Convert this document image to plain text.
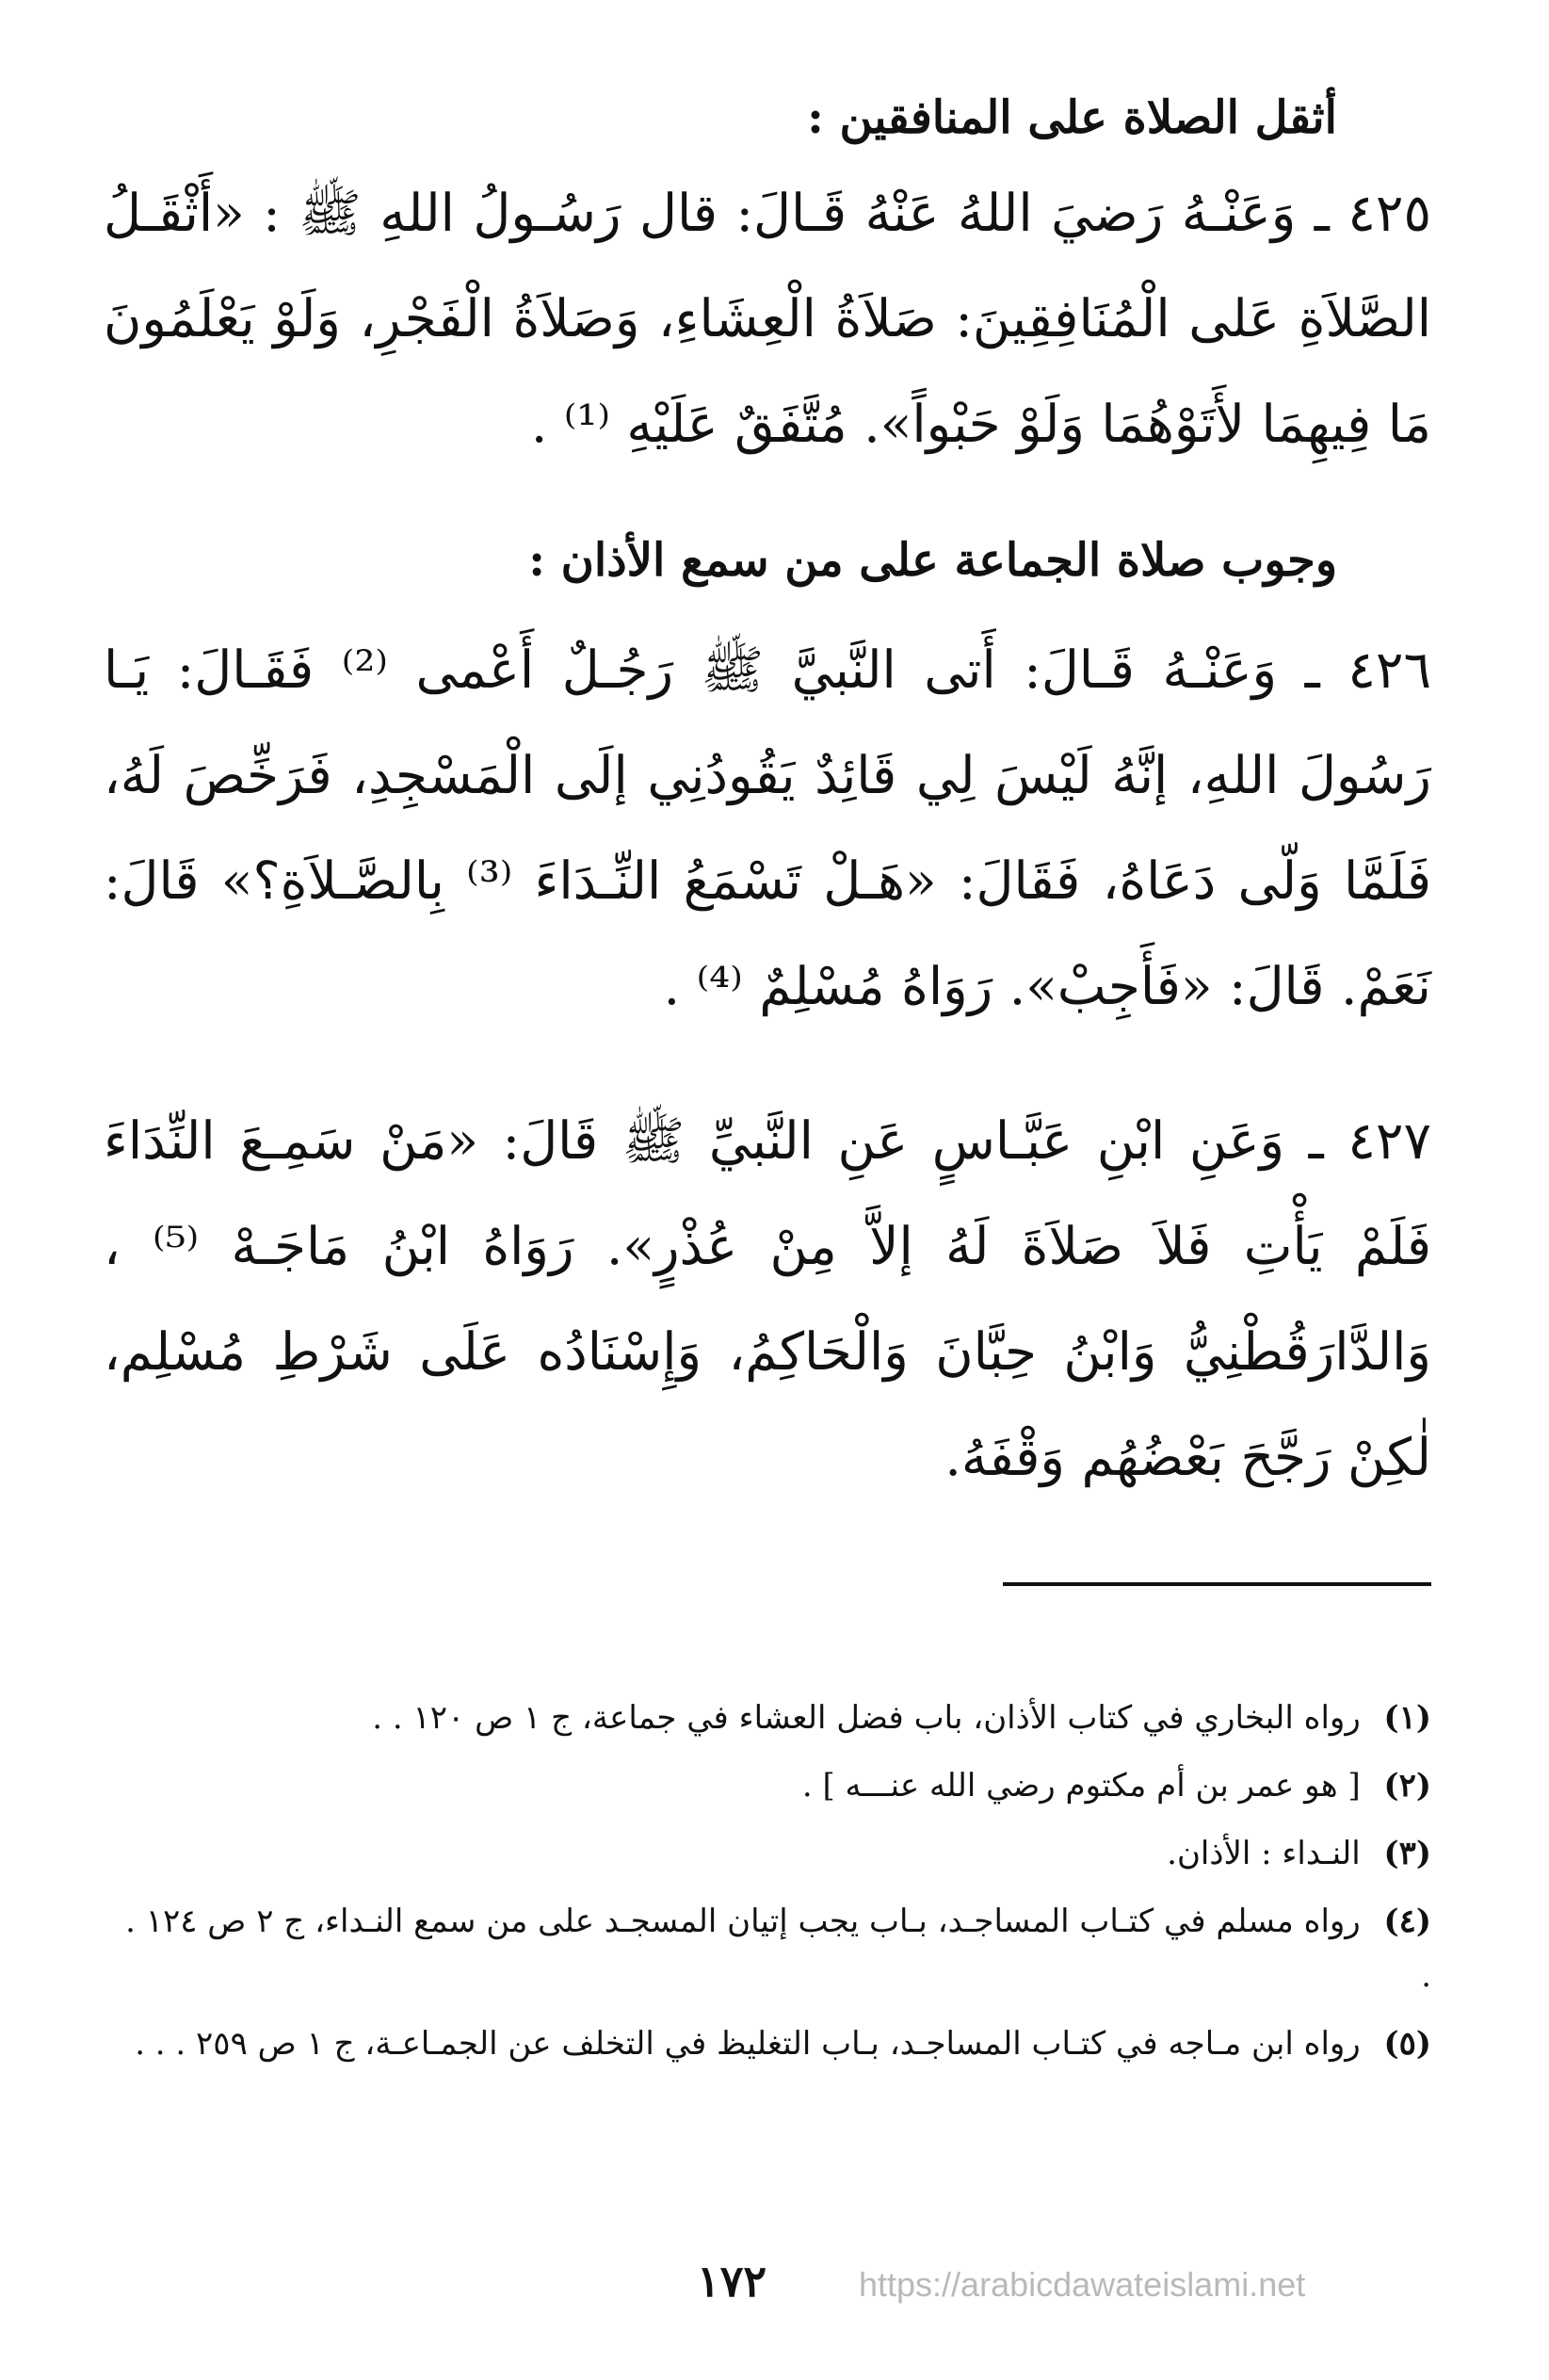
أثقل الصلاة على المنافقين :
٤٢٥ ـ وَعَنْـهُ رَضيَ اللهُ عَنْهُ قَـالَ: قال رَسُـولُ اللهِ ﷺ : «أَثْقَـلُ الصَّلاَةِ عَلى الْمُنَافِقِينَ: صَلاَةُ الْعِشَاءِ، وَصَلاَةُ الْفَجْرِ، وَلَوْ يَعْلَمُونَ مَا فِيهِمَا لأَتَوْهُمَا وَلَوْ حَبْواً». مُتَّفَقٌ عَلَيْهِ ⁽¹⁾ .
وجوب صلاة الجماعة على من سمع الأذان :
٤٢٦ ـ وَعَنْـهُ قَـالَ: أَتى النَّبيَّ ﷺ رَجُـلٌ أَعْمى ⁽²⁾ فَقَـالَ: يَـا رَسُولَ اللهِ، إنَّهُ لَيْسَ لِي قَائِدٌ يَقُودُنِي إلَى الْمَسْجِدِ، فَرَخِّصَ لَهُ، فَلَمَّا وَلّى دَعَاهُ، فَقَالَ: «هَـلْ تَسْمَعُ النِّـدَاءَ ⁽³⁾ بِالصَّـلاَةِ؟» قَالَ: نَعَمْ. قَالَ: «فَأَجِبْ». رَوَاهُ مُسْلِمٌ ⁽⁴⁾ .
٤٢٧ ـ وَعَنِ ابْنِ عَبَّـاسٍ عَنِ النَّبيِّ ﷺ قَالَ: «مَنْ سَمِـعَ النِّدَاءَ فَلَمْ يَأْتِ فَلاَ صَلاَةَ لَهُ إلاَّ مِنْ عُذْرٍ». رَوَاهُ ابْنُ مَاجَـهْ ⁽⁵⁾ ، وَالدَّارَقُطْنِيُّ وَابْنُ حِبَّانَ وَالْحَاكِمُ، وَإِسْنَادُه عَلَى شَرْطِ مُسْلِم، لٰكِنْ رَجَّحَ بَعْضُهُم وَقْفَهُ.
(١) رواه البخاري في كتاب الأذان، باب فضل العشاء في جماعة، ج ١ ص ١٢٠ . .
(٢) [ هو عمر بن أم مكتوم رضي الله عنـــه ] .
(٣) النـداء : الأذان.
(٤) رواه مسلم في كتـاب المساجـد، بـاب يجب إتيان المسجـد على من سمع النـداء، ج ٢ ص ١٢٤ . .
(٥) رواه ابن مـاجه في كتـاب المساجـد، بـاب التغليظ في التخلف عن الجمـاعـة، ج ١ ص ٢٥٩ . . .
١٧٢	https://arabicdawateislami.net
